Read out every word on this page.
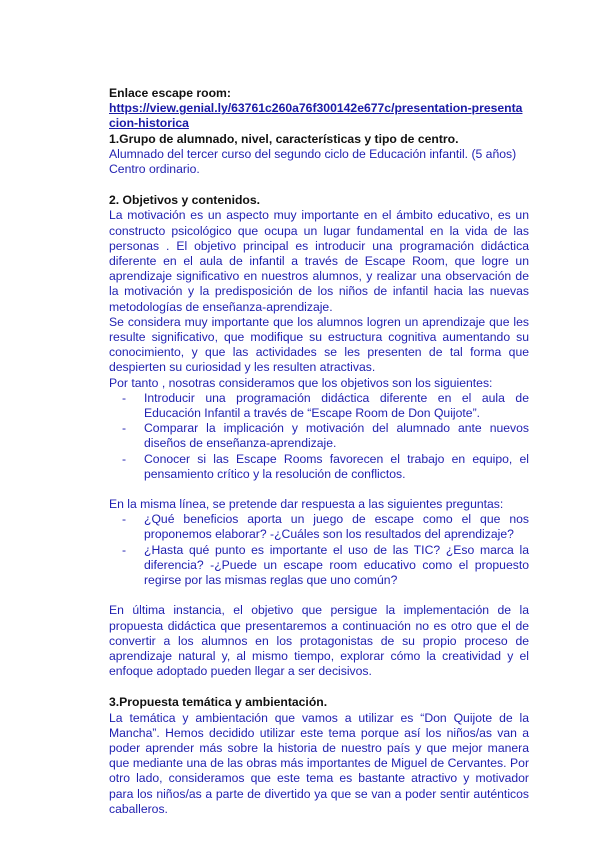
Enlace escape room:

https://view.genial.ly/63761c260a76f300142e677c/presentation-presentacion-historica

1.Grupo de alumnado, nivel, características y tipo de centro.

Alumnado del tercer curso del segundo ciclo de Educación infantil. (5 años)

Centro ordinario.

2. Objetivos y contenidos.

La motivación es un aspecto muy importante en el ámbito educativo, es un constructo psicológico que ocupa un lugar fundamental en la vida de las personas . El objetivo principal es introducir una programación didáctica diferente en el aula de infantil a través de Escape Room, que logre un aprendizaje significativo en nuestros alumnos, y realizar una observación de la motivación y la predisposición de los niños de infantil hacia las nuevas metodologías de enseñanza-aprendizaje.

Se considera muy importante que los alumnos logren un aprendizaje que les resulte significativo, que modifique su estructura cognitiva aumentando su conocimiento, y que las actividades se les presenten de tal forma que despierten su curiosidad y les resulten atractivas.

Por tanto , nosotras consideramos que los objetivos son los siguientes:

- Introducir una programación didáctica diferente en el aula de Educación Infantil a través de “Escape Room de Don Quijote”.
- Comparar la implicación y motivación del alumnado ante nuevos diseños de enseñanza-aprendizaje.
- Conocer si las Escape Rooms favorecen el trabajo en equipo, el pensamiento crítico y la resolución de conflictos.

En la misma línea, se pretende dar respuesta a las siguientes preguntas:

- ¿Qué beneficios aporta un juego de escape como el que nos proponemos elaborar? -¿Cuáles son los resultados del aprendizaje?
- ¿Hasta qué punto es importante el uso de las TIC? ¿Eso marca la diferencia? -¿Puede un escape room educativo como el propuesto regirse por las mismas reglas que uno común?

En última instancia, el objetivo que persigue la implementación de la propuesta didáctica que presentaremos a continuación no es otro que el de convertir a los alumnos en los protagonistas de su propio proceso de aprendizaje natural y, al mismo tiempo, explorar cómo la creatividad y el enfoque adoptado pueden llegar a ser decisivos.

3.Propuesta temática y ambientación.

La temática y ambientación que vamos a utilizar es “Don Quijote de la Mancha”. Hemos decidido utilizar este tema porque así los niños/as van a poder aprender más sobre la historia de nuestro país y que mejor manera que mediante una de las obras más importantes de Miguel de Cervantes. Por otro lado, consideramos que este tema es bastante atractivo y motivador para los niños/as a parte de divertido ya que se van a poder sentir auténticos caballeros.
